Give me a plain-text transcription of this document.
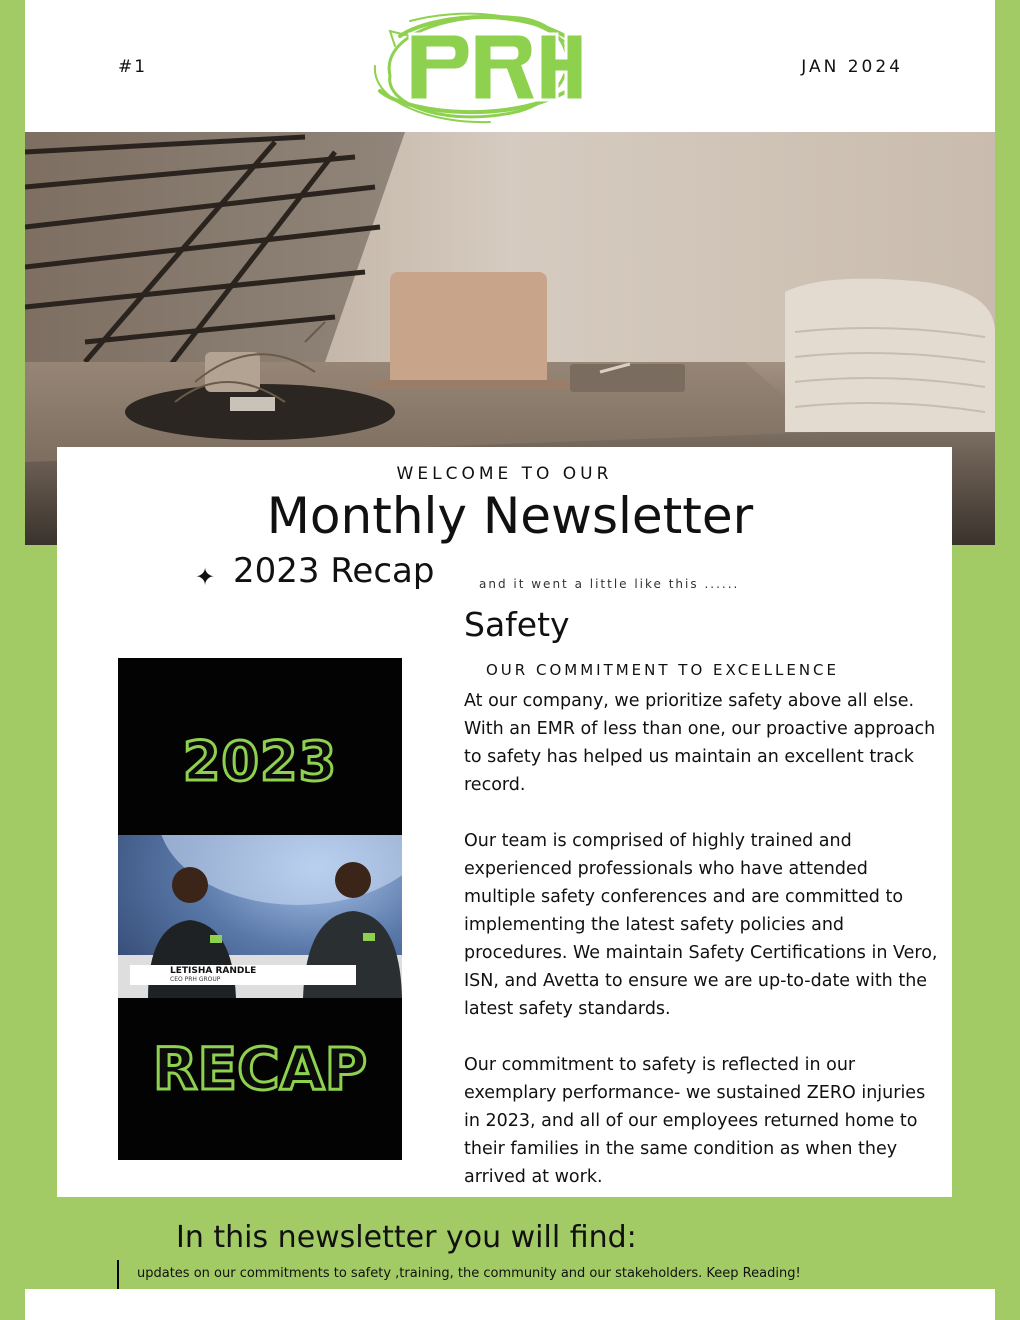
#1	JAN 2024
WELCOME TO OUR
Monthly Newsletter
✦ 2023 Recap	and it went a little like this ......
2023
LETISHA RANDLE
CEO PRH GROUP
RECAP
Safety
OUR COMMITMENT TO EXCELLENCE

At our company, we prioritize safety above all else. With an EMR of less than one, our proactive approach to safety has helped us maintain an excellent track record.

Our team is comprised of highly trained and experienced professionals who have attended multiple safety conferences and are committed to implementing the latest safety policies and procedures. We maintain Safety Certifications in Vero, ISN, and Avetta to ensure we are up-to-date with the latest safety standards.

Our commitment to safety is reflected in our exemplary performance- we sustained ZERO injuries in 2023, and all of our employees returned home to their families in the same condition as when they arrived at work.

In this newsletter you will find:
updates on our commitments to safety ,training, the community and our stakeholders. Keep Reading!
